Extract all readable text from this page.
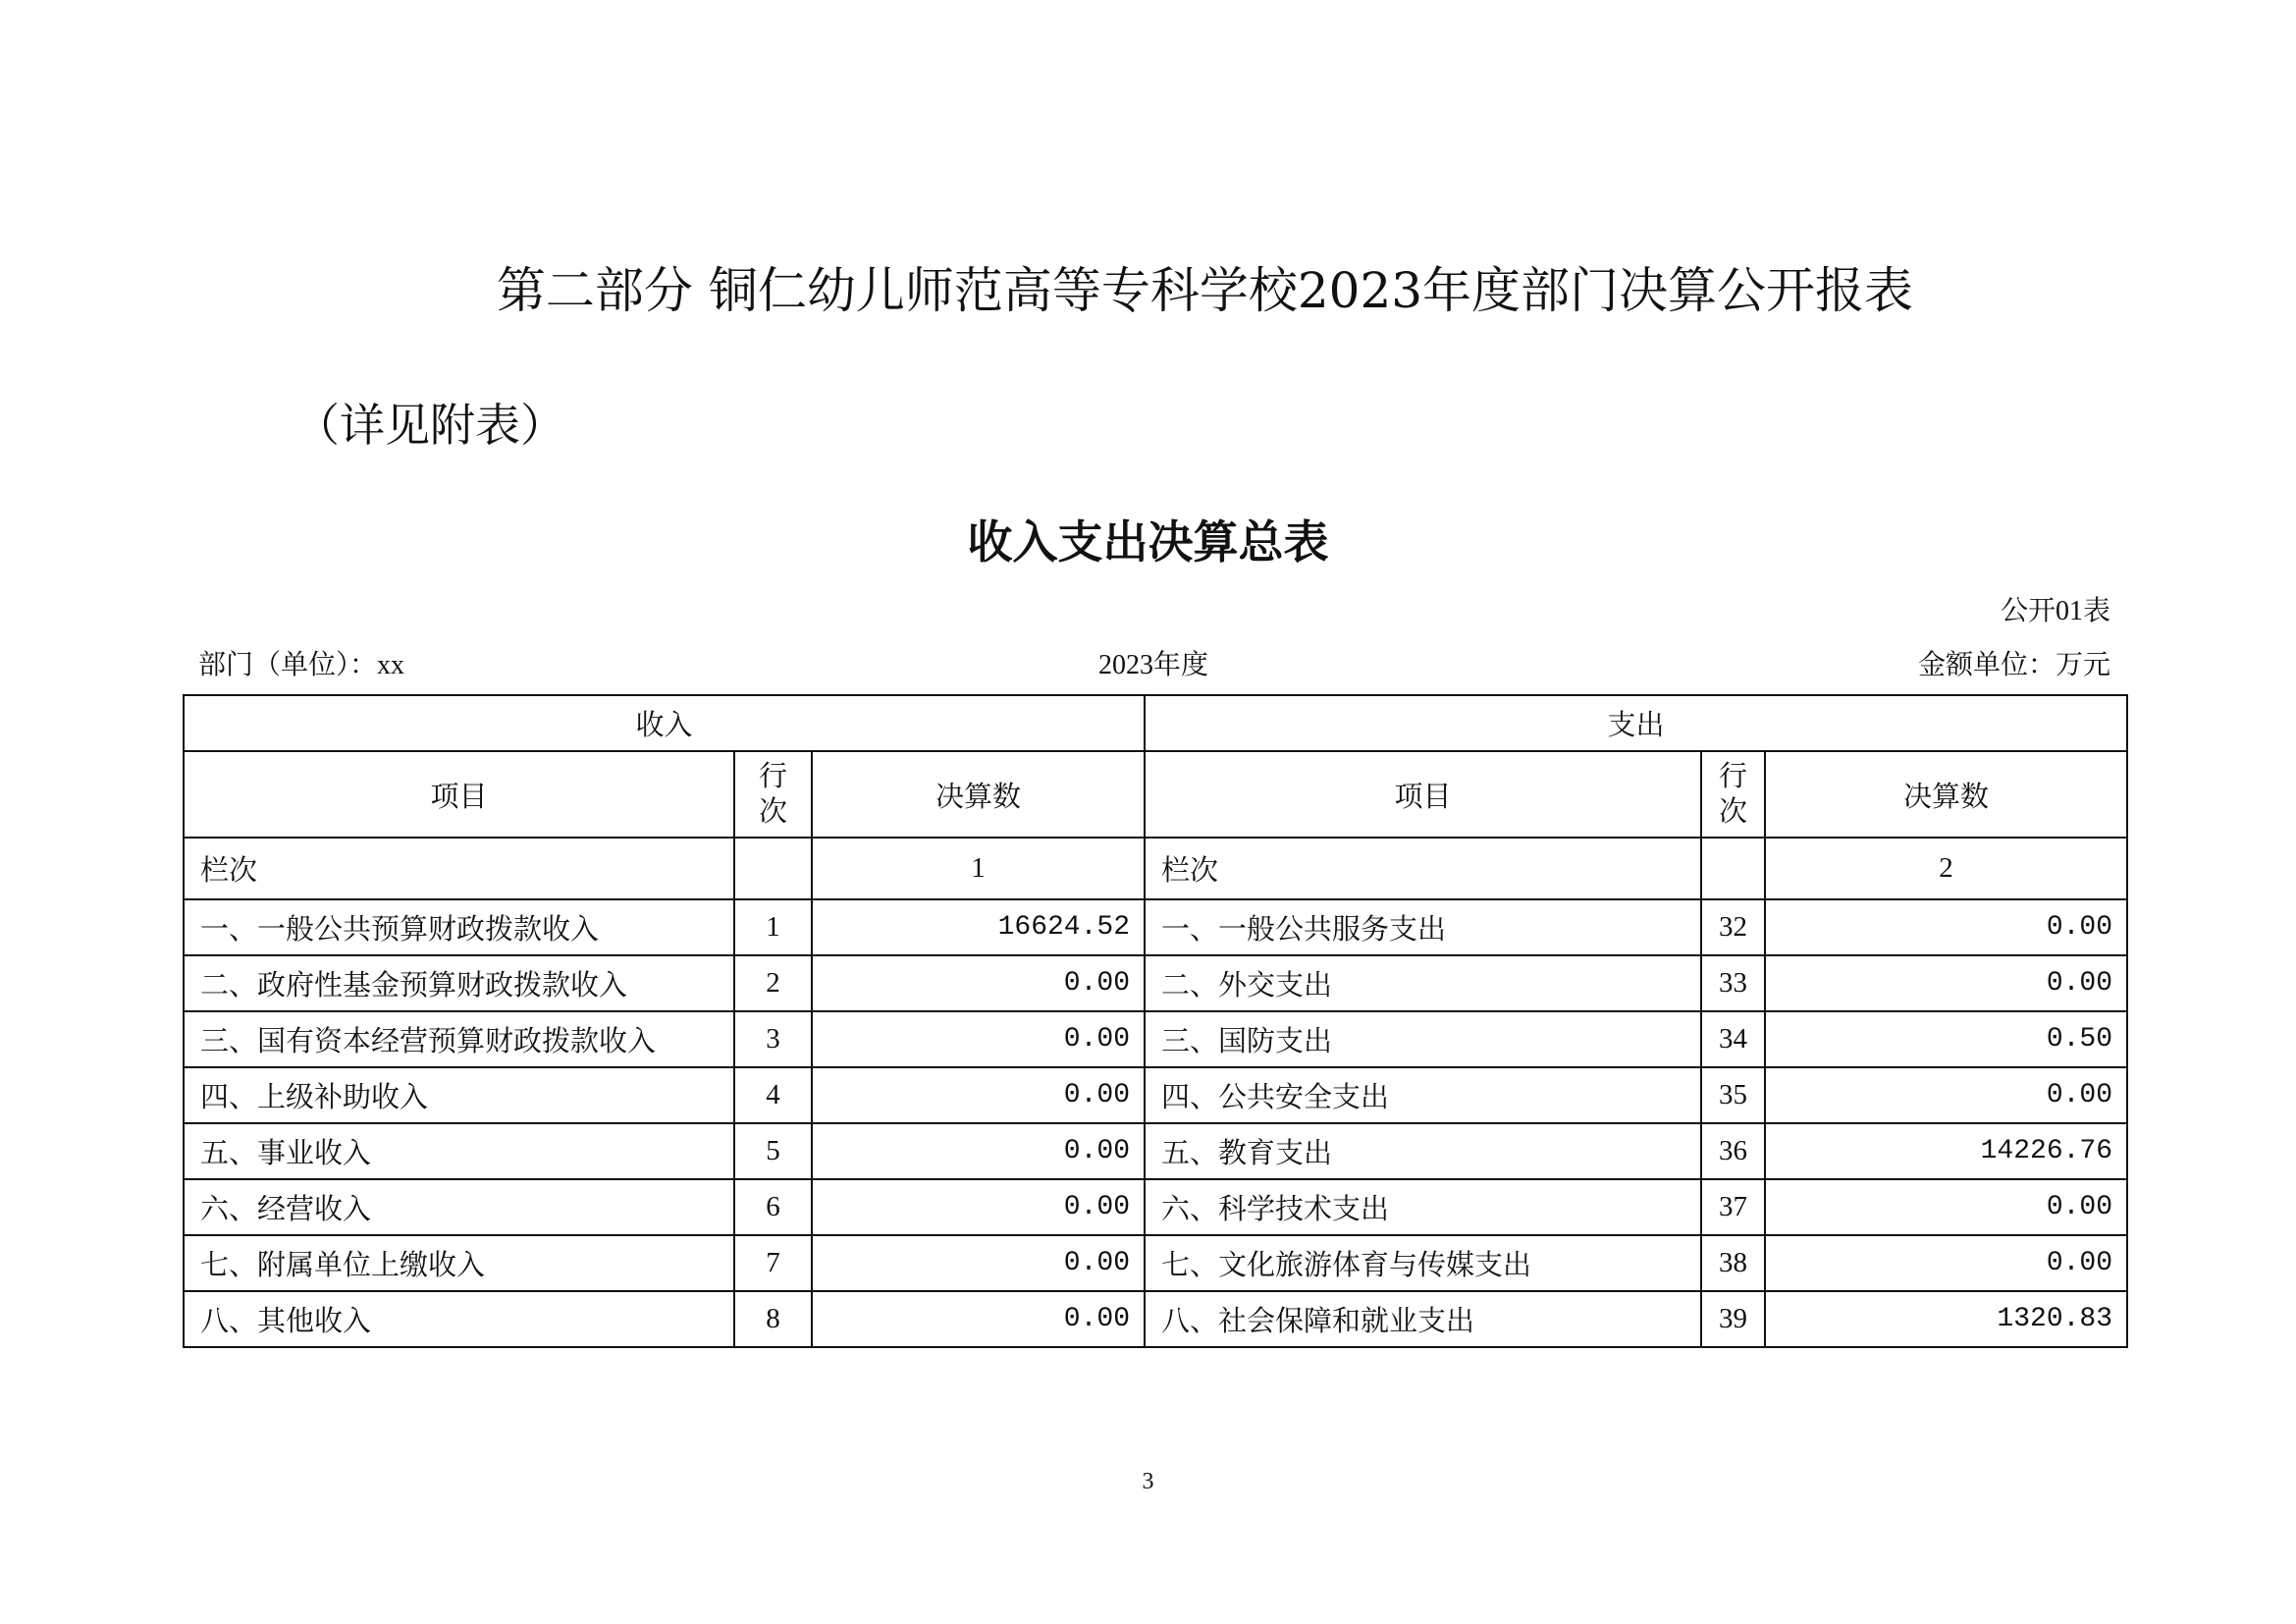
第二部分 铜仁幼儿师范高等专科学校2023年度部门决算公开报表
（详见附表）
收入支出决算总表
公开01表
部门（单位）：xx	2023年度	金额单位：万元
收入			支出		
项目	行次	决算数	项目	行次	决算数
栏次		1	栏次		2
一、一般公共预算财政拨款收入	1	16624.52	一、一般公共服务支出	32	0.00
二、政府性基金预算财政拨款收入	2	0.00	二、外交支出	33	0.00
三、国有资本经营预算财政拨款收入	3	0.00	三、国防支出	34	0.50
四、上级补助收入	4	0.00	四、公共安全支出	35	0.00
五、事业收入	5	0.00	五、教育支出	36	14226.76
六、经营收入	6	0.00	六、科学技术支出	37	0.00
七、附属单位上缴收入	7	0.00	七、文化旅游体育与传媒支出	38	0.00
八、其他收入	8	0.00	八、社会保障和就业支出	39	1320.83
3
